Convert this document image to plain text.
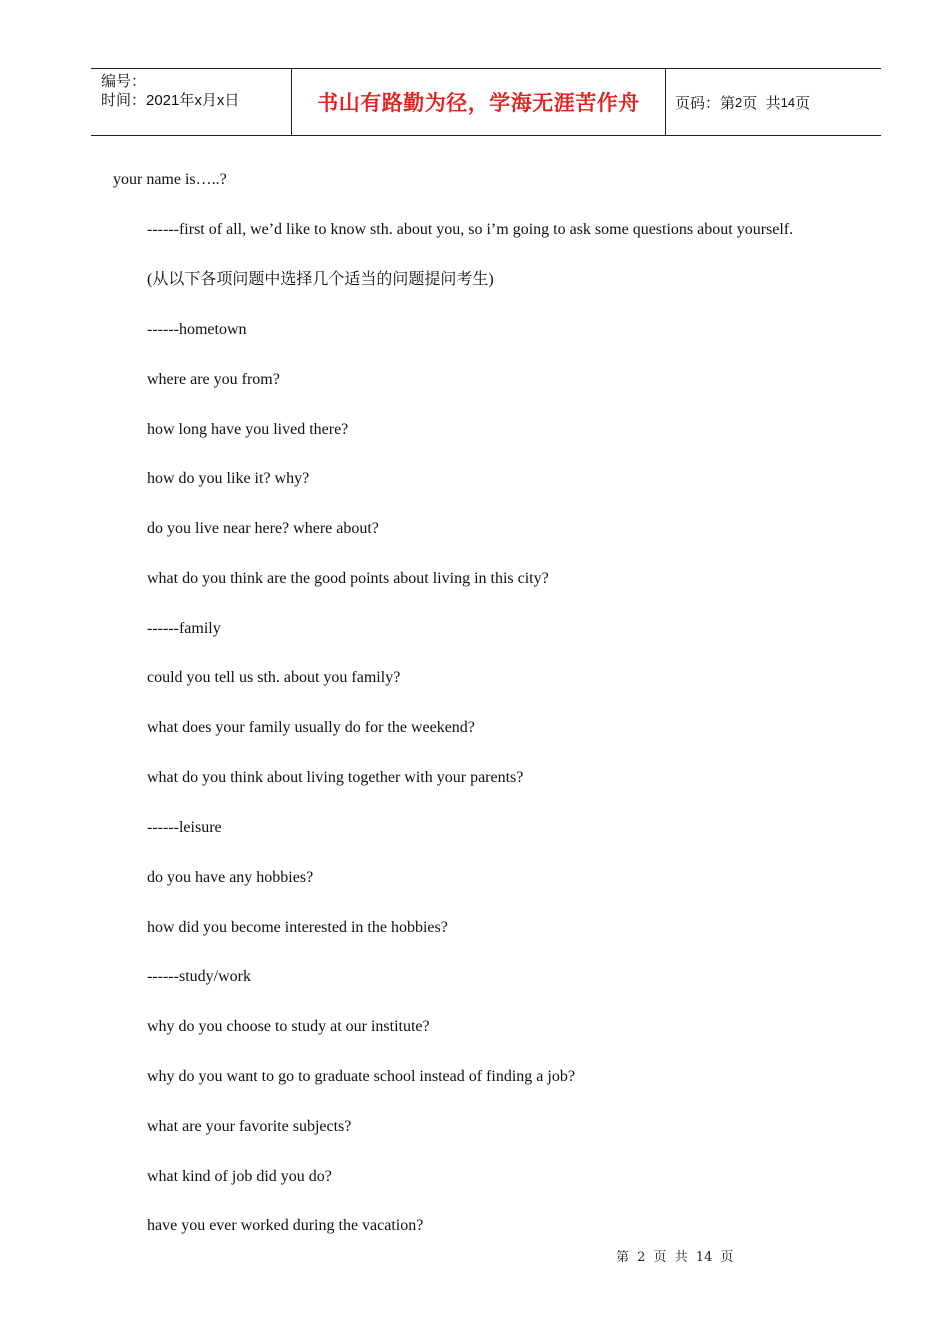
编号：
时间：2021年x月x日	书山有路勤为径，学海无涯苦作舟 页码：第 2 页  共 14 页
your name is…..?
------first of all, we’d like to know sth. about you, so i’m going to ask some questions about yourself.
(从以下各项问题中选择几个适当的问题提问考生)
------hometown
where are you from?
how long have you lived there?
how do you like it? why?
do you live near here? where about?
what do you think are the good points about living in this city?
------family
could you tell us sth. about you family?
what does your family usually do for the weekend?
what do you think about living together with your parents?
------leisure
do you have any hobbies?
how did you become interested in the hobbies?
------study/work
why do you choose to study at our institute?
why do you want to go to graduate school instead of finding a job?
what are your favorite subjects?
what kind of job did you do?
have you ever worked during the vacation?
第 2 页 共 14 页
